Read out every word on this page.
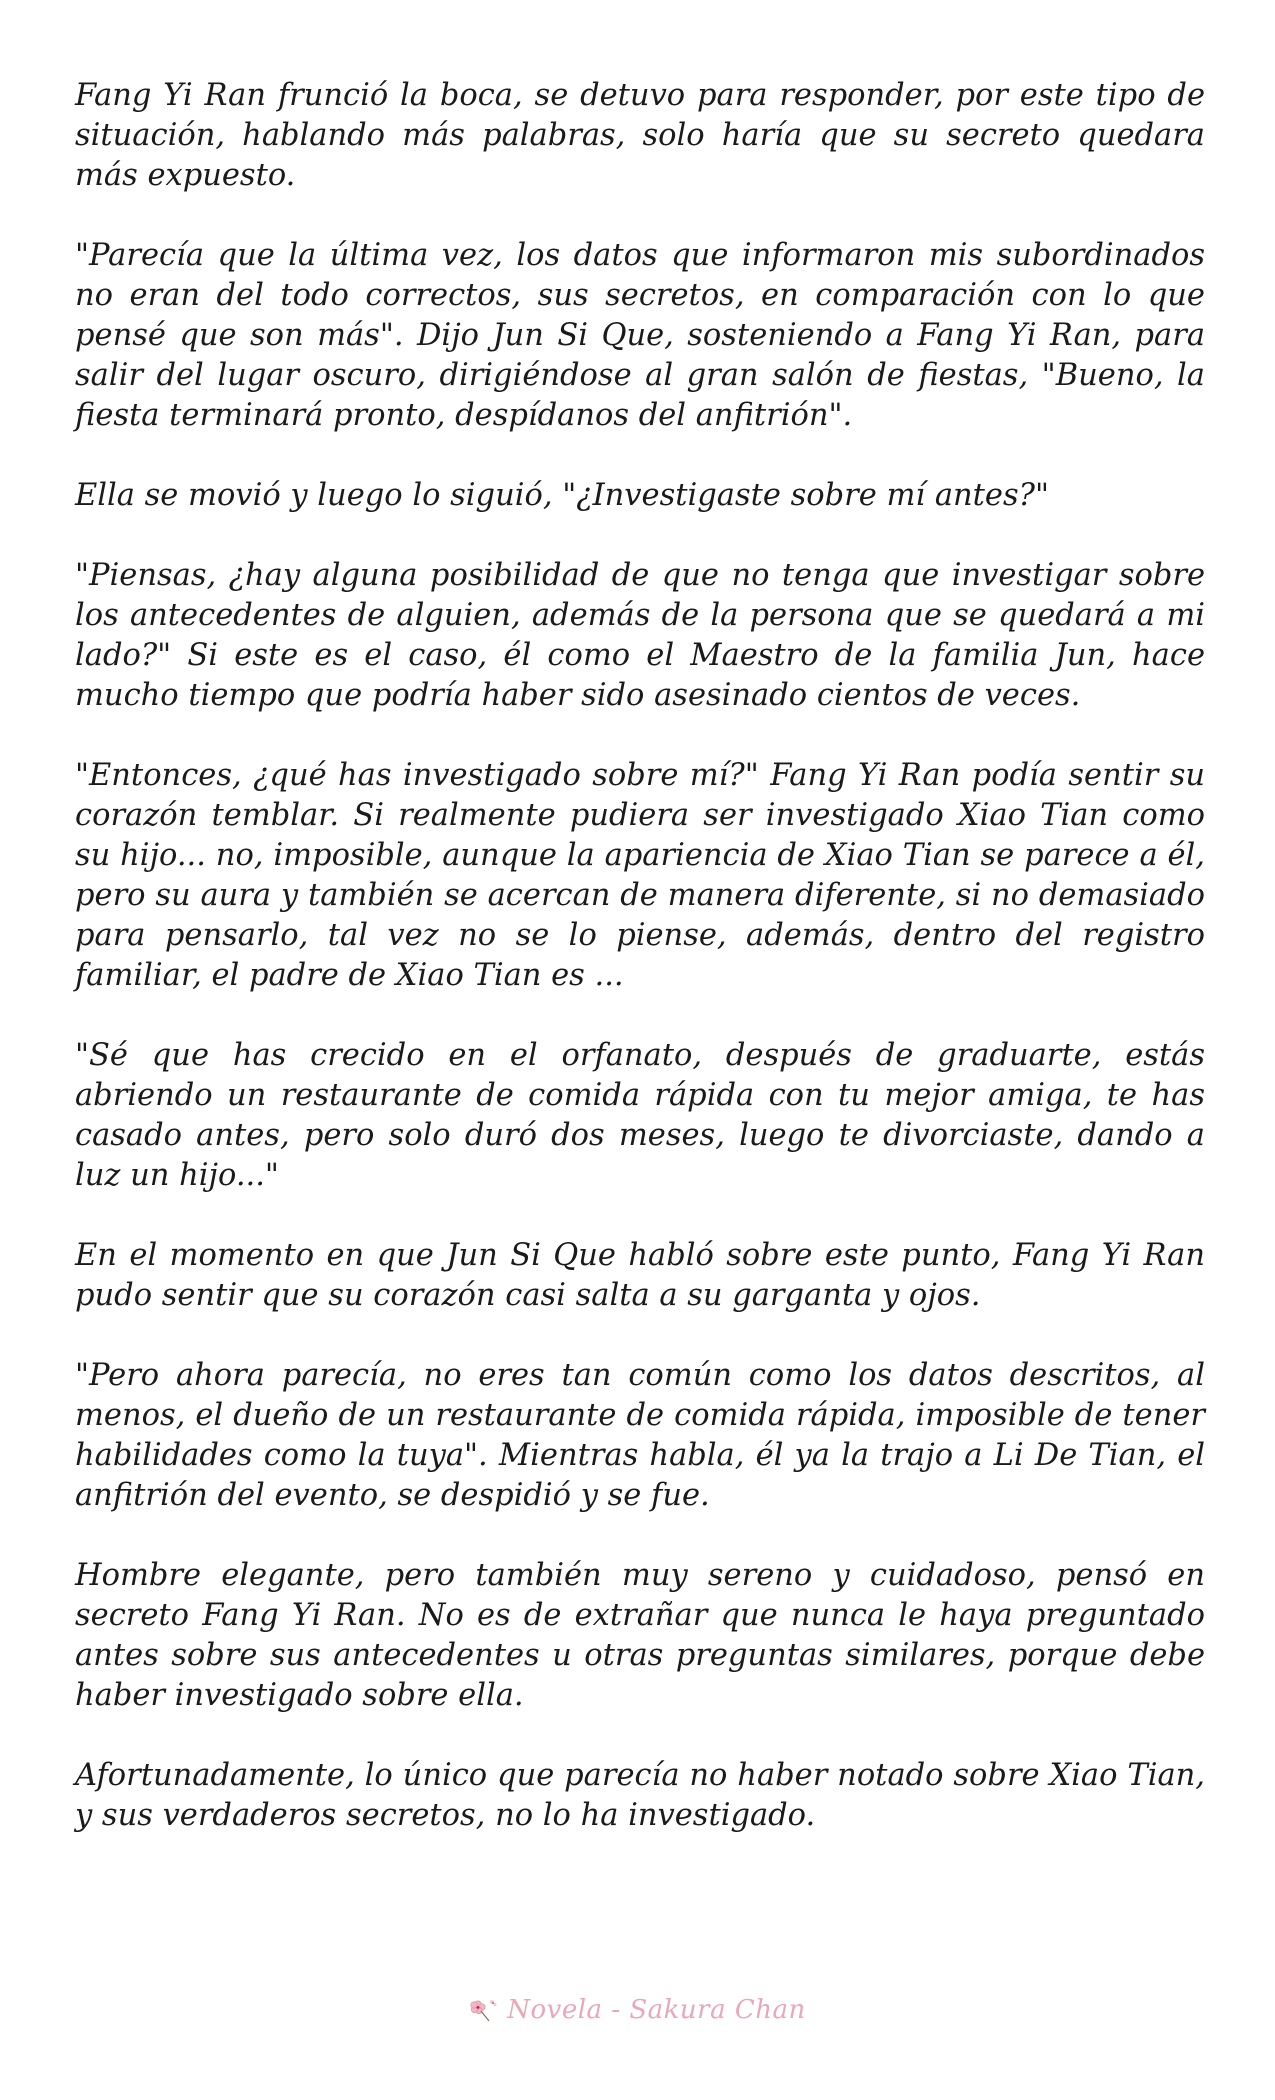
Fang Yi Ran frunció la boca, se detuvo para responder, por este tipo de situación, hablando más palabras, solo haría que su secreto quedara más expuesto.

"Parecía que la última vez, los datos que informaron mis subordinados no eran del todo correctos, sus secretos, en comparación con lo que pensé que son más". Dijo Jun Si Que, sosteniendo a Fang Yi Ran, para salir del lugar oscuro, dirigiéndose al gran salón de fiestas, "Bueno, la fiesta terminará pronto, despídanos del anfitrión".

Ella se movió y luego lo siguió, "¿Investigaste sobre mí antes?"

"Piensas, ¿hay alguna posibilidad de que no tenga que investigar sobre los antecedentes de alguien, además de la persona que se quedará a mi lado?" Si este es el caso, él como el Maestro de la familia Jun, hace mucho tiempo que podría haber sido asesinado cientos de veces.

"Entonces, ¿qué has investigado sobre mí?" Fang Yi Ran podía sentir su corazón temblar. Si realmente pudiera ser investigado Xiao Tian como su hijo... no, imposible, aunque la apariencia de Xiao Tian se parece a él, pero su aura y también se acercan de manera diferente, si no demasiado para pensarlo, tal vez no se lo piense, además, dentro del registro familiar, el padre de Xiao Tian es ...

"Sé que has crecido en el orfanato, después de graduarte, estás abriendo un restaurante de comida rápida con tu mejor amiga, te has casado antes, pero solo duró dos meses, luego te divorciaste, dando a luz un hijo..."

En el momento en que Jun Si Que habló sobre este punto, Fang Yi Ran pudo sentir que su corazón casi salta a su garganta y ojos.

"Pero ahora parecía, no eres tan común como los datos descritos, al menos, el dueño de un restaurante de comida rápida, imposible de tener habilidades como la tuya". Mientras habla, él ya la trajo a Li De Tian, el anfitrión del evento, se despidió y se fue.

Hombre elegante, pero también muy sereno y cuidadoso, pensó en secreto Fang Yi Ran. No es de extrañar que nunca le haya preguntado antes sobre sus antecedentes u otras preguntas similares, porque debe haber investigado sobre ella.

Afortunadamente, lo único que parecía no haber notado sobre Xiao Tian, y sus verdaderos secretos, no lo ha investigado.

Novela - Sakura Chan
